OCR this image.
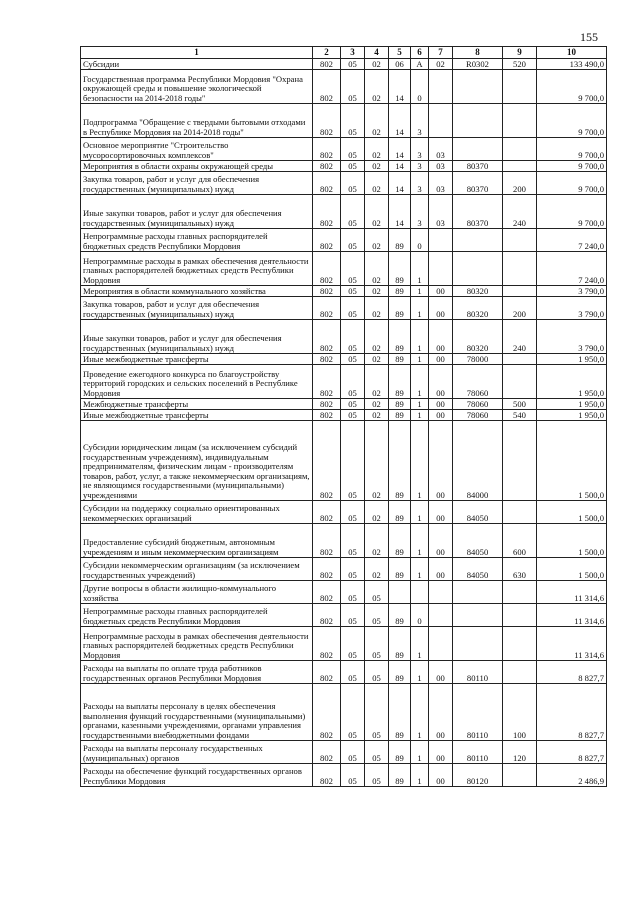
155
1	2	3	4	5	6	7	8	9	10
Субсидии	802	05	02	06	А	02	R0302	520	133 490,0
Государственная программа Республики Мордовия "Охрана окружающей среды и повышение экологической безопасности на 2014-2018 годы"	802	05	02	14	0				9 700,0
Подпрограмма "Обращение с твердыми бытовыми отходами в Республике Мордовия на 2014-2018 годы"	802	05	02	14	3				9 700,0
Основное мероприятие "Строительство мусоросортировочных комплексов"	802	05	02	14	3	03			9 700,0
Мероприятия в области охраны окружающей среды	802	05	02	14	3	03	80370		9 700,0
Закупка товаров, работ и услуг для обеспечения государственных (муниципальных) нужд	802	05	02	14	3	03	80370	200	9 700,0
Иные закупки товаров, работ и услуг для обеспечения государственных (муниципальных) нужд	802	05	02	14	3	03	80370	240	9 700,0
Непрограммные расходы главных распорядителей бюджетных средств Республики Мордовия	802	05	02	89	0				7 240,0
Непрограммные расходы в рамках обеспечения деятельности главных распорядителей бюджетных средств Республики Мордовия	802	05	02	89	1				7 240,0
Мероприятия в области коммунального хозяйства	802	05	02	89	1	00	80320		3 790,0
Закупка товаров, работ и услуг для обеспечения государственных (муниципальных) нужд	802	05	02	89	1	00	80320	200	3 790,0
Иные закупки товаров, работ и услуг для обеспечения государственных (муниципальных) нужд	802	05	02	89	1	00	80320	240	3 790,0
Иные межбюджетные трансферты	802	05	02	89	1	00	78000		1 950,0
Проведение ежегодного конкурса по благоустройству территорий городских и сельских поселений в Республике Мордовия	802	05	02	89	1	00	78060		1 950,0
Межбюджетные трансферты	802	05	02	89	1	00	78060	500	1 950,0
Иные межбюджетные трансферты	802	05	02	89	1	00	78060	540	1 950,0
Субсидии юридическим лицам (за исключением субсидий государственным учреждениям), индивидуальным предпринимателям, физическим лицам - производителям товаров, работ, услуг, а также некоммерческим организациям, не являющимся государственными (муниципальными) учреждениями	802	05	02	89	1	00	84000		1 500,0
Субсидии на поддержку социально ориентированных некоммерческих организаций	802	05	02	89	1	00	84050		1 500,0
Предоставление субсидий бюджетным, автономным учреждениям и иным некоммерческим организациям	802	05	02	89	1	00	84050	600	1 500,0
Субсидии некоммерческим организациям (за исключением государственных учреждений)	802	05	02	89	1	00	84050	630	1 500,0
Другие вопросы в области жилищно-коммунального хозяйства	802	05	05						11 314,6
Непрограммные расходы главных распорядителей бюджетных средств Республики Мордовия	802	05	05	89	0				11 314,6
Непрограммные расходы в рамках обеспечения деятельности главных распорядителей бюджетных средств Республики Мордовия	802	05	05	89	1				11 314,6
Расходы на выплаты по оплате труда работников государственных органов Республики Мордовия	802	05	05	89	1	00	80110		8 827,7
Расходы на выплаты персоналу в целях обеспечения выполнения функций государственными (муниципальными) органами, казенными учреждениями, органами управления государственными внебюджетными фондами	802	05	05	89	1	00	80110	100	8 827,7
Расходы на выплаты персоналу государственных (муниципальных) органов	802	05	05	89	1	00	80110	120	8 827,7
Расходы на обеспечение функций государственных органов Республики Мордовия	802	05	05	89	1	00	80120		2 486,9
